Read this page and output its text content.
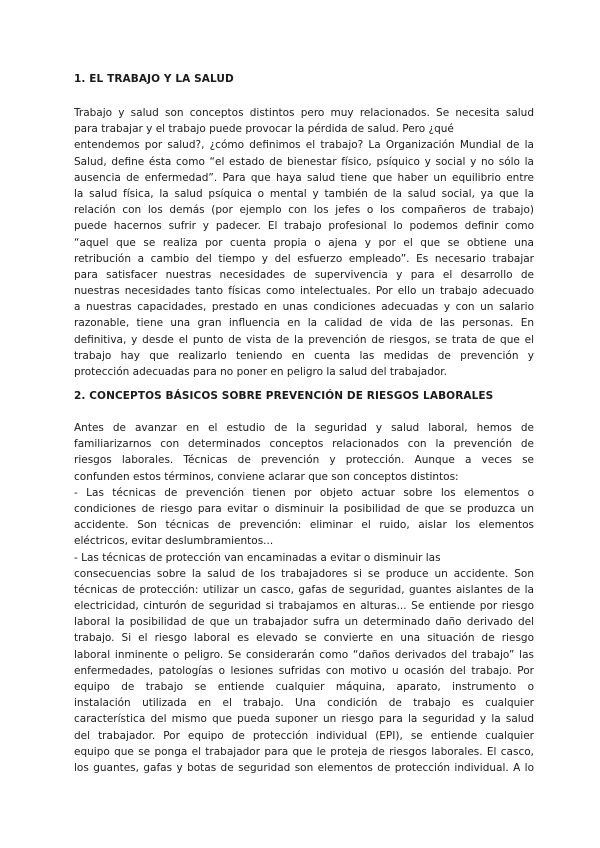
1. EL TRABAJO Y LA SALUD
Trabajo y salud son conceptos distintos pero muy relacionados. Se necesita salud
para trabajar y el trabajo puede provocar la pérdida de salud. Pero ¿qué
entendemos por salud?, ¿cómo definimos el trabajo? La Organización Mundial de la
Salud, define ésta como “el estado de bienestar físico, psíquico y social y no sólo la
ausencia de enfermedad”. Para que haya salud tiene que haber un equilibrio entre
la salud física, la salud psíquica o mental y también de la salud social, ya que la
relación con los demás (por ejemplo con los jefes o los compañeros de trabajo)
puede hacernos sufrir y padecer. El trabajo profesional lo podemos definir como
“aquel que se realiza por cuenta propia o ajena y por el que se obtiene una
retribución a cambio del tiempo y del esfuerzo empleado”. Es necesario trabajar
para satisfacer nuestras necesidades de supervivencia y para el desarrollo de
nuestras necesidades tanto físicas como intelectuales. Por ello un trabajo adecuado
a nuestras capacidades, prestado en unas condiciones adecuadas y con un salario
razonable, tiene una gran influencia en la calidad de vida de las personas. En
definitiva, y desde el punto de vista de la prevención de riesgos, se trata de que el
trabajo hay que realizarlo teniendo en cuenta las medidas de prevención y
protección adecuadas para no poner en peligro la salud del trabajador.
2. CONCEPTOS BÁSICOS SOBRE PREVENCIÓN DE RIESGOS LABORALES
Antes de avanzar en el estudio de la seguridad y salud laboral, hemos de
familiarizarnos con determinados conceptos relacionados con la prevención de
riesgos laborales. Técnicas de prevención y protección. Aunque a veces se
confunden estos términos, conviene aclarar que son conceptos distintos:
- Las técnicas de prevención tienen por objeto actuar sobre los elementos o
condiciones de riesgo para evitar o disminuir la posibilidad de que se produzca un
accidente. Son técnicas de prevención: eliminar el ruido, aislar los elementos
eléctricos, evitar deslumbramientos...
- Las técnicas de protección van encaminadas a evitar o disminuir las
consecuencias sobre la salud de los trabajadores si se produce un accidente. Son
técnicas de protección: utilizar un casco, gafas de seguridad, guantes aislantes de la
electricidad, cinturón de seguridad si trabajamos en alturas... Se entiende por riesgo
laboral la posibilidad de que un trabajador sufra un determinado daño derivado del
trabajo. Si el riesgo laboral es elevado se convierte en una situación de riesgo
laboral inminente o peligro. Se considerarán como “daños derivados del trabajo” las
enfermedades, patologías o lesiones sufridas con motivo u ocasión del trabajo. Por
equipo de trabajo se entiende cualquier máquina, aparato, instrumento o
instalación utilizada en el trabajo. Una condición de trabajo es cualquier
característica del mismo que pueda suponer un riesgo para la seguridad y la salud
del trabajador. Por equipo de protección individual (EPI), se entiende cualquier
equipo que se ponga el trabajador para que le proteja de riesgos laborales. El casco,
los guantes, gafas y botas de seguridad son elementos de protección individual. A lo
